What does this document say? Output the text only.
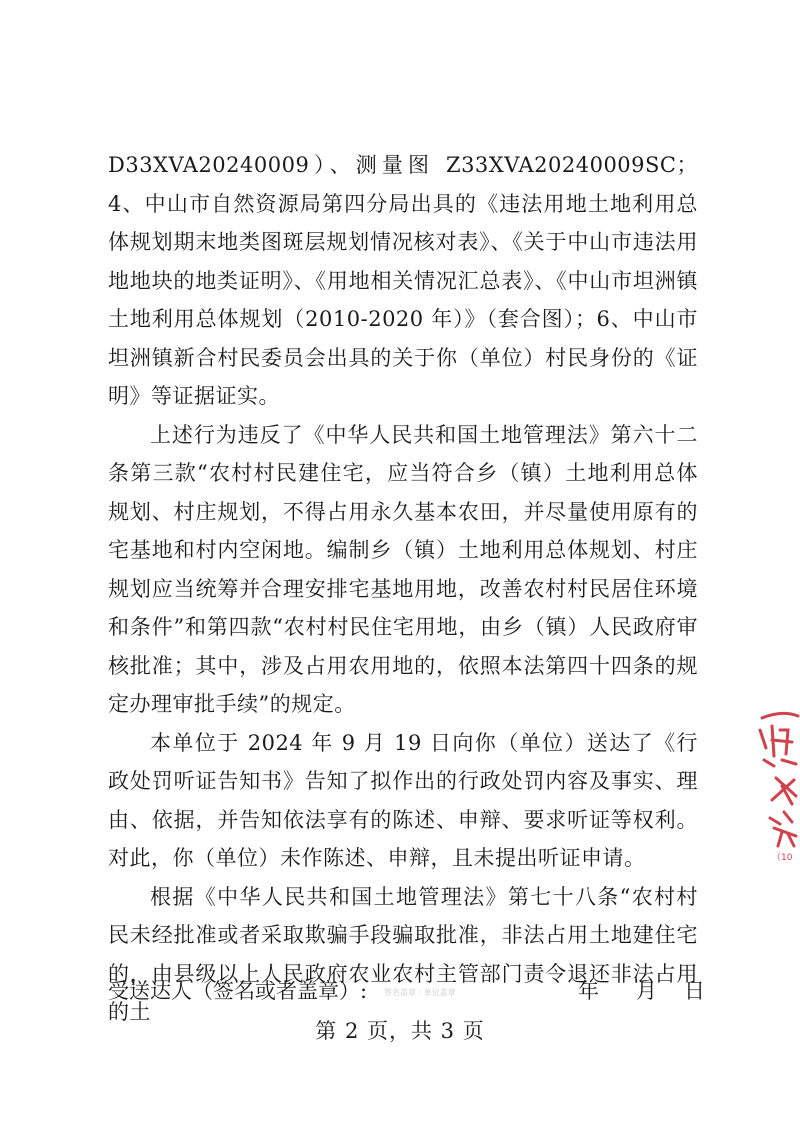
D33XVA20240009）、测量图 Z33XVA20240009SC；4、中山市自然资源局第四分局出具的《违法用地土地利用总体规划期末地类图斑层规划情况核对表》、《关于中山市违法用地地块的地类证明》、《用地相关情况汇总表》、《中山市坦洲镇土地利用总体规划（2010-2020 年）》（套合图）；6、中山市坦洲镇新合村民委员会出具的关于你（单位）村民身份的《证明》等证据证实。

上述行为违反了《中华人民共和国土地管理法》第六十二条第三款“农村村民建住宅，应当符合乡（镇）土地利用总体规划、村庄规划，不得占用永久基本农田，并尽量使用原有的宅基地和村内空闲地。编制乡（镇）土地利用总体规划、村庄规划应当统筹并合理安排宅基地用地，改善农村村民居住环境和条件”和第四款“农村村民住宅用地，由乡（镇）人民政府审核批准；其中，涉及占用农用地的，依照本法第四十四条的规定办理审批手续”的规定。

本单位于 2024 年 9 月 19 日向你（单位）送达了《行政处罚听证告知书》告知了拟作出的行政处罚内容及事实、理由、依据，并告知依法享有的陈述、申辩、要求听证等权利。对此，你（单位）未作陈述、申辩，且未提出听证申请。

根据《中华人民共和国土地管理法》第七十八条“农村村民未经批准或者采取欺骗手段骗取批准，非法占用土地建住宅的，由县级以上人民政府农业农村主管部门责令退还非法占用的土

受送达人（签名或者盖章）: 签名盖章 · 单位盖章	年 月 日
第 2 页，共 3 页
（10
